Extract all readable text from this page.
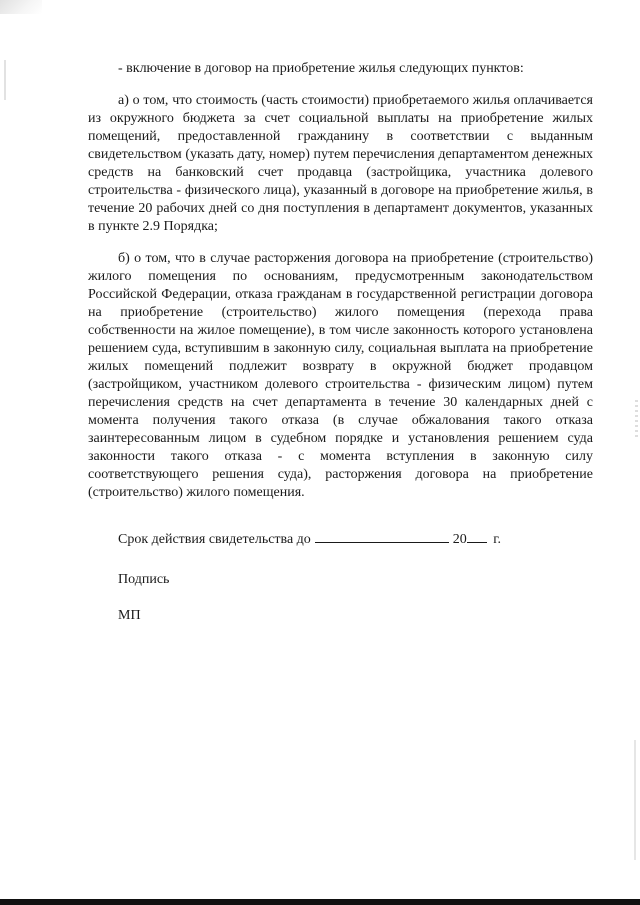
- включение в договор на приобретение жилья следующих пунктов:

а) о том, что стоимость (часть стоимости) приобретаемого жилья оплачивается из окружного бюджета за счет социальной выплаты на приобретение жилых помещений, предоставленной гражданину в соответствии с выданным свидетельством (указать дату, номер) путем перечисления департаментом денежных средств на банковский счет продавца (застройщика, участника долевого строительства - физического лица), указанный в договоре на приобретение жилья, в течение 20 рабочих дней со дня поступления в департамент документов, указанных в пункте 2.9 Порядка;

б) о том, что в случае расторжения договора на приобретение (строительство) жилого помещения по основаниям, предусмотренным законодательством Российской Федерации, отказа гражданам в государственной регистрации договора на приобретение (строительство) жилого помещения (перехода права собственности на жилое помещение), в том числе законность которого установлена решением суда, вступившим в законную силу, социальная выплата на приобретение жилых помещений подлежит возврату в окружной бюджет продавцом (застройщиком, участником долевого строительства - физическим лицом) путем перечисления средств на счет департамента в течение 30 календарных дней с момента получения такого отказа (в случае обжалования такого отказа заинтересованным лицом в судебном порядке и установления решением суда законности такого отказа - с момента вступления в законную силу соответствующего решения суда), расторжения договора на приобретение (строительство) жилого помещения.

Срок действия свидетельства до	20 г.

Подпись

МП
